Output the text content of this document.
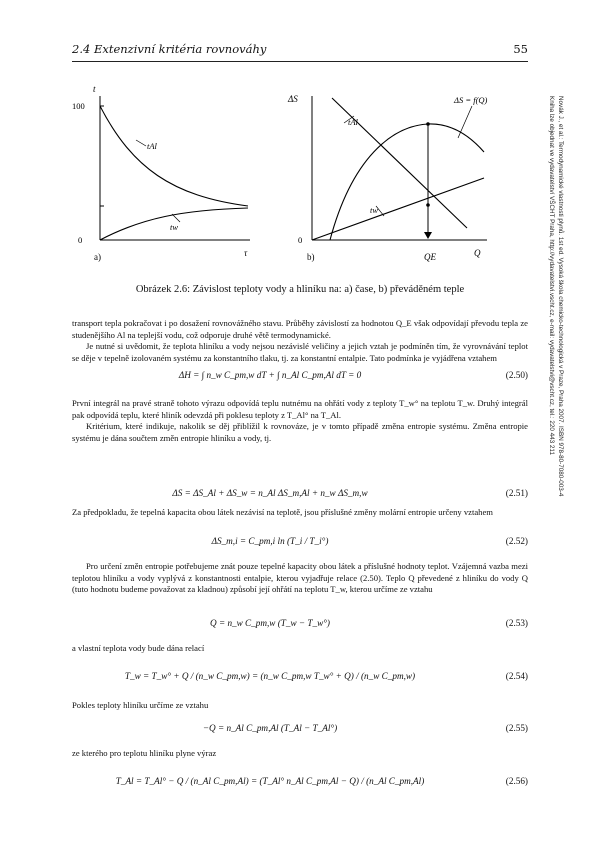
2.4 Extenzivní kritéria rovnováhy	55
Novák J., et al.: Termodynamické vlastnosti plynů. 1st ed. Vysoká škola chemicko-technologická v Praze, Praha 2007. ISBN 978-80-7080-003-4
Kniha lze objednat ve vydavatelství VŠCHT Praha, http://vydavatelstvi.vscht.cz, e-mail: vydavatelstvi@vscht.cz, tel.: 220 443 211
t
100
0
τ
a)
tAl
tw
ΔS
0
Q
QE
b)
ΔS = f(Q)
tAl
tw
Obrázek 2.6: Závislost teploty vody a hliníku na: a) čase, b) převáděném teple

transport tepla pokračovat i po dosažení rovnovážného stavu. Průběhy závislostí za hodnotou Q_E však odpovídají převodu tepla ze studenějšího Al na teplejší vodu, což odporuje druhé větě termodynamické.

Je nutné si uvědomit, že teplota hliníku a vody nejsou nezávislé veličiny a jejich vztah je podmíněn tím, že vyrovnávání teplot se děje v tepelně izolovaném systému za konstantního tlaku, tj. za konstantní entalpie. Tato podmínka je vyjádřena vztahem

ΔH = ∫ n_w C_pm,w dT + ∫ n_Al C_pm,Al dT = 0	(2.50)

První integrál na pravé straně tohoto výrazu odpovídá teplu nutnému na ohřátí vody z teploty T_w° na teplotu T_w. Druhý integrál pak odpovídá teplu, které hliník odevzdá při poklesu teploty z T_Al° na T_Al.

Kritérium, které indikuje, nakolik se děj přiblížil k rovnováze, je v tomto případě změna entropie systému. Změna entropie systému je dána součtem změn entropie hliníku a vody, tj.

ΔS = ΔS_Al + ΔS_w = n_Al ΔS_m,Al + n_w ΔS_m,w	(2.51)

Za předpokladu, že tepelná kapacita obou látek nezávisí na teplotě, jsou příslušné změny molární entropie určeny vztahem

ΔS_m,i = C_pm,i ln (T_i / T_i°)	(2.52)

Pro určení změn entropie potřebujeme znát pouze tepelné kapacity obou látek a příslušné hodnoty teplot. Vzájemná vazba mezi teplotou hliníku a vody vyplývá z konstantnosti entalpie, kterou vyjadřuje relace (2.50). Teplo Q převedené z hliníku do vody Q (tuto hodnotu budeme považovat za kladnou) způsobí její ohřátí na teplotu T_w, kterou určíme ze vztahu

Q = n_w C_pm,w (T_w − T_w°)	(2.53)

a vlastní teplota vody bude dána relací

T_w = T_w° + Q / (n_w C_pm,w) = (n_w C_pm,w T_w° + Q) / (n_w C_pm,w)	(2.54)

Pokles teploty hliníku určíme ze vztahu

−Q = n_Al C_pm,Al (T_Al − T_Al°)	(2.55)

ze kterého pro teplotu hliníku plyne výraz

T_Al = T_Al° − Q / (n_Al C_pm,Al) = (T_Al° n_Al C_pm,Al − Q) / (n_Al C_pm,Al)	(2.56)
